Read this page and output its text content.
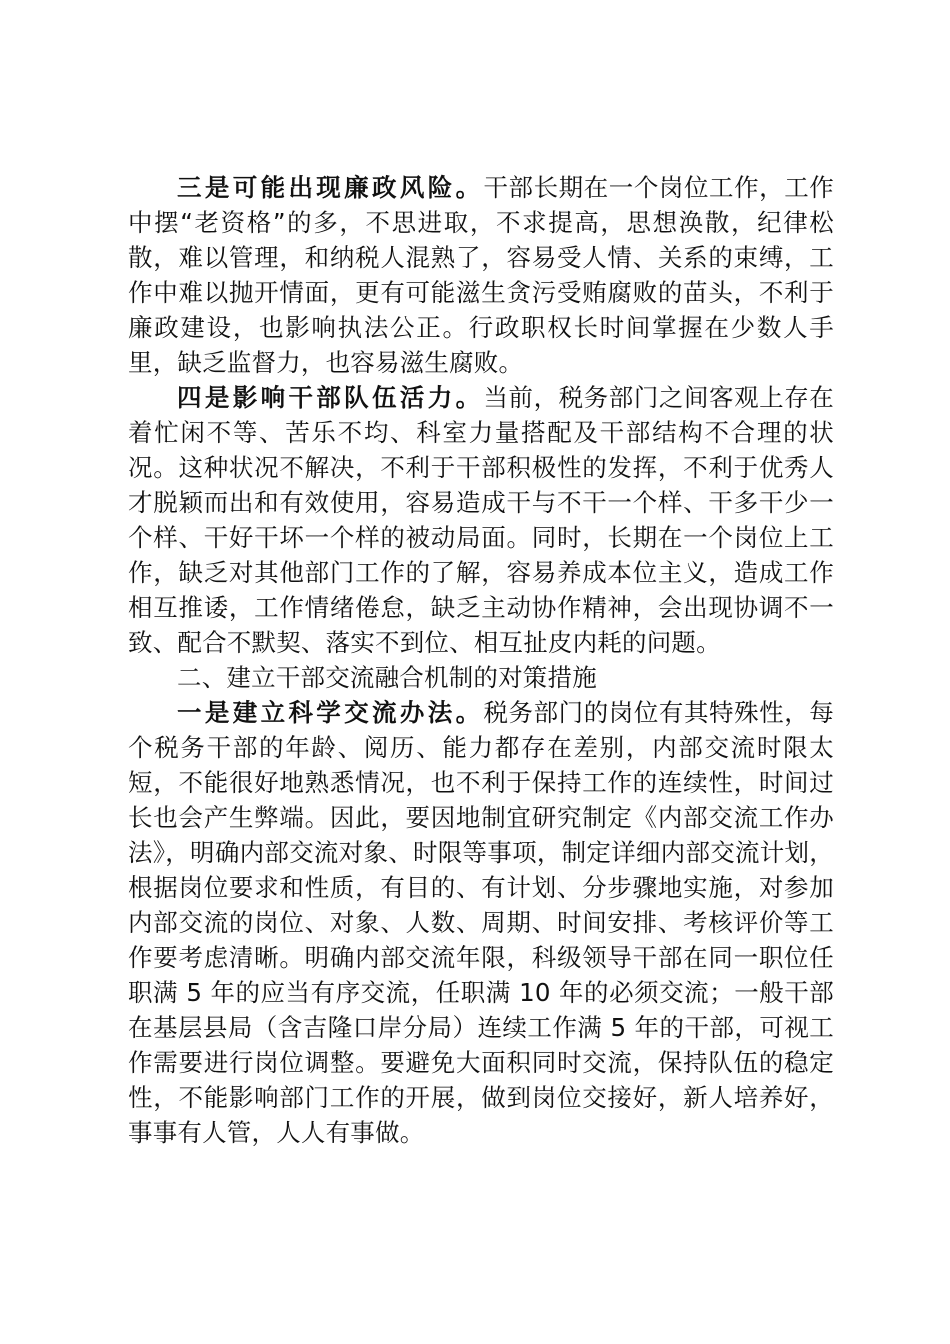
三是可能出现廉政风险。干部长期在一个岗位工作，工作中摆“老资格”的多，不思进取，不求提高，思想涣散，纪律松散，难以管理，和纳税人混熟了，容易受人情、关系的束缚，工作中难以抛开情面，更有可能滋生贪污受贿腐败的苗头，不利于廉政建设，也影响执法公正。行政职权长时间掌握在少数人手里，缺乏监督力，也容易滋生腐败。

四是影响干部队伍活力。当前，税务部门之间客观上存在着忙闲不等、苦乐不均、科室力量搭配及干部结构不合理的状况。这种状况不解决，不利于干部积极性的发挥，不利于优秀人才脱颖而出和有效使用，容易造成干与不干一个样、干多干少一个样、干好干坏一个样的被动局面。同时，长期在一个岗位上工作，缺乏对其他部门工作的了解，容易养成本位主义，造成工作相互推诿，工作情绪倦怠，缺乏主动协作精神，会出现协调不一致、配合不默契、落实不到位、相互扯皮内耗的问题。

二、建立干部交流融合机制的对策措施

一是建立科学交流办法。税务部门的岗位有其特殊性，每个税务干部的年龄、阅历、能力都存在差别，内部交流时限太短，不能很好地熟悉情况，也不利于保持工作的连续性，时间过长也会产生弊端。因此，要因地制宜研究制定《内部交流工作办法》，明确内部交流对象、时限等事项，制定详细内部交流计划，根据岗位要求和性质，有目的、有计划、分步骤地实施，对参加内部交流的岗位、对象、人数、周期、时间安排、考核评价等工作要考虑清晰。明确内部交流年限，科级领导干部在同一职位任职满 5 年的应当有序交流，任职满 10 年的必须交流；一般干部在基层县局（含吉隆口岸分局）连续工作满 5 年的干部，可视工作需要进行岗位调整。要避免大面积同时交流，保持队伍的稳定性，不能影响部门工作的开展，做到岗位交接好，新人培养好，事事有人管，人人有事做。
